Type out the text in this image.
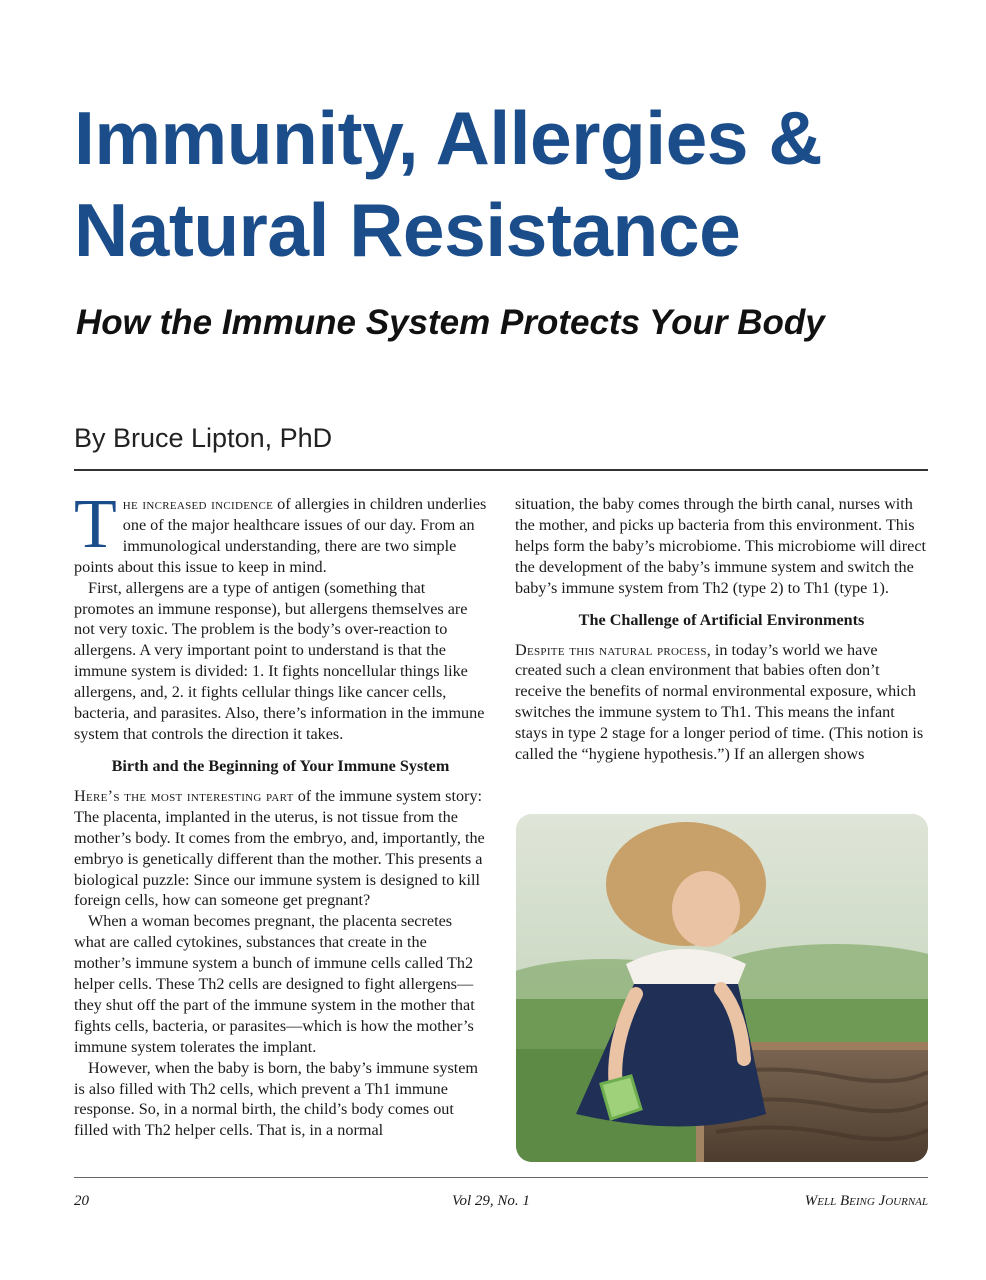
Immunity, Allergies & Natural Resistance
How the Immune System Protects Your Body
By Bruce Lipton, PhD

The increased incidence of allergies in children underlies one of the major healthcare issues of our day. From an immunological understanding, there are two simple points about this issue to keep in mind.

First, allergens are a type of antigen (something that promotes an immune response), but allergens themselves are not very toxic. The problem is the body’s over-reaction to allergens. A very important point to understand is that the immune system is divided: 1. It fights noncellular things like allergens, and, 2. it fights cellular things like cancer cells, bacteria, and parasites. Also, there’s information in the immune system that controls the direction it takes.

Birth and the Beginning of Your Immune System

Here’s the most interesting part of the immune system story: The placenta, implanted in the uterus, is not tissue from the mother’s body. It comes from the embryo, and, importantly, the embryo is genetically different than the mother. This presents a biological puzzle: Since our immune system is designed to kill foreign cells, how can someone get pregnant?

When a woman becomes pregnant, the placenta secretes what are called cytokines, substances that create in the mother’s immune system a bunch of immune cells called Th2 helper cells. These Th2 cells are designed to fight allergens—they shut off the part of the immune system in the mother that fights cells, bacteria, or parasites—which is how the mother’s immune system tolerates the implant.

However, when the baby is born, the baby’s immune system is also filled with Th2 cells, which prevent a Th1 immune response. So, in a normal birth, the child’s body comes out filled with Th2 helper cells. That is, in a normal

situation, the baby comes through the birth canal, nurses with the mother, and picks up bacteria from this environment. This helps form the baby’s microbiome. This microbiome will direct the development of the baby’s immune system and switch the baby’s immune system from Th2 (type 2) to Th1 (type 1).

The Challenge of Artificial Environments

Despite this natural process, in today’s world we have created such a clean environment that babies often don’t receive the benefits of normal environmental exposure, which switches the immune system to Th1. This means the infant stays in type 2 stage for a longer period of time. (This notion is called the “hygiene hypothesis.”) If an allergen shows

20	Vol 29, No. 1	Well Being Journal
